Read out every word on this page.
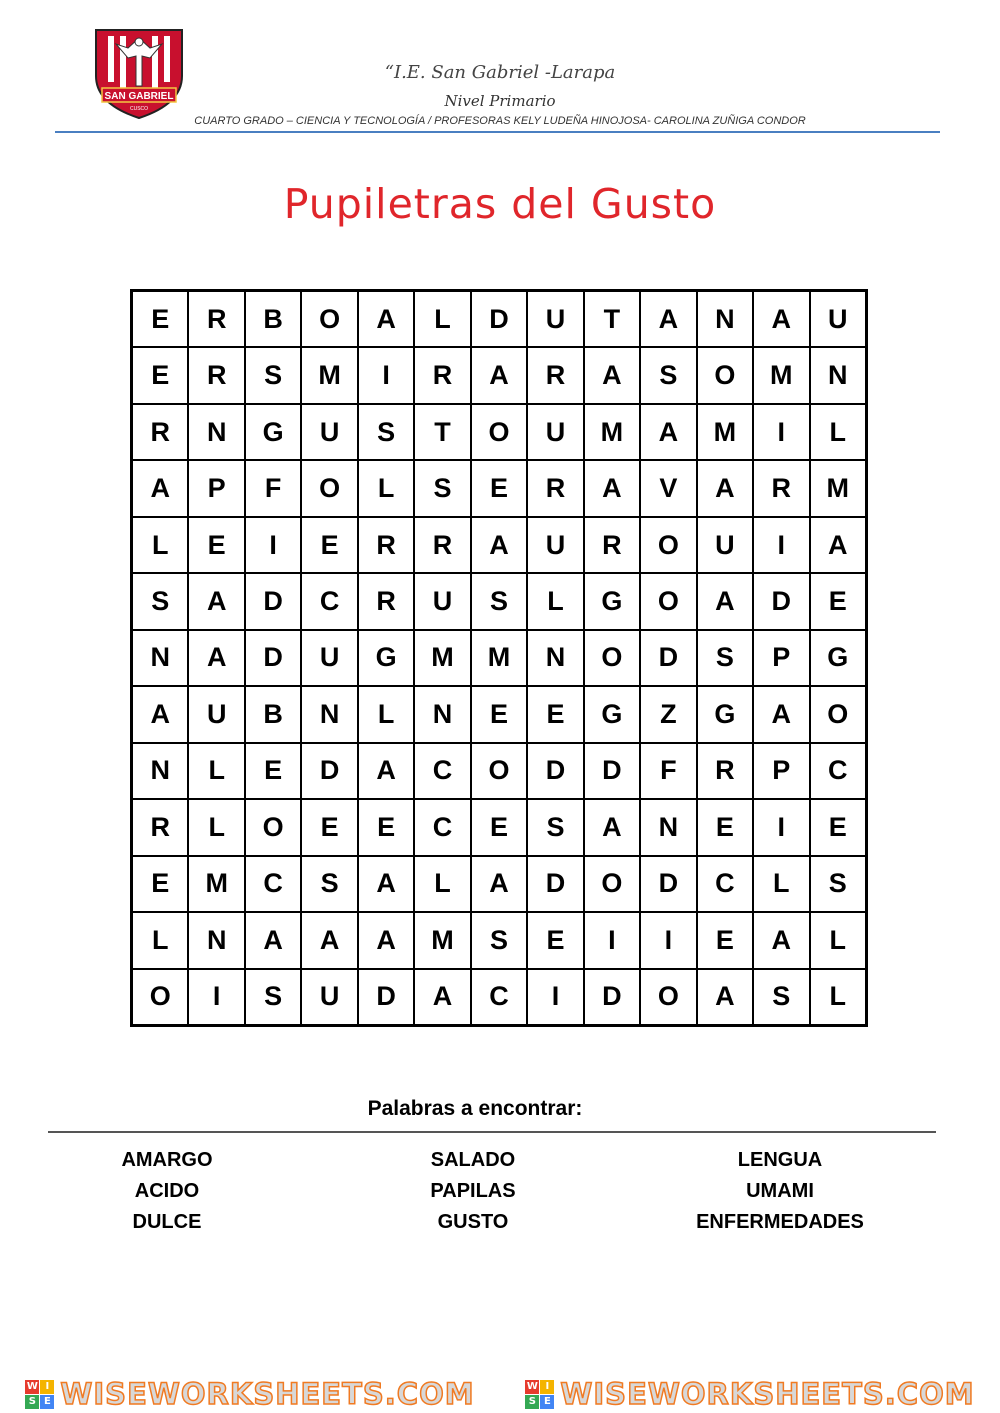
SAN GABRIEL
CUSCO
“I.E. San Gabriel -Larapa
Nivel Primario
CUARTO GRADO – CIENCIA Y TECNOLOGÍA / PROFESORAS KELY LUDEÑA HINOJOSA- CAROLINA ZUÑIGA CONDOR
Pupiletras del Gusto
E	R	B	O	A	L	D	U	T	A	N	A	U
E	R	S	M	I	R	A	R	A	S	O	M	N
R	N	G	U	S	T	O	U	M	A	M	I	L
A	P	F	O	L	S	E	R	A	V	A	R	M
L	E	I	E	R	R	A	U	R	O	U	I	A
S	A	D	C	R	U	S	L	G	O	A	D	E
N	A	D	U	G	M	M	N	O	D	S	P	G
A	U	B	N	L	N	E	E	G	Z	G	A	O
N	L	E	D	A	C	O	D	D	F	R	P	C
R	L	O	E	E	C	E	S	A	N	E	I	E
E	M	C	S	A	L	A	D	O	D	C	L	S
L	N	A	A	A	M	S	E	I	I	E	A	L
O	I	S	U	D	A	C	I	D	O	A	S	L
Palabras a encontrar:
AMARGO
ACIDO
DULCE
SALADO
PAPILAS
GUSTO
LENGUA
UMAMI
ENFERMEDADES
W I
S E WISEWORKSHEETS.COM	W I
S E WISEWORKSHEETS.COM
